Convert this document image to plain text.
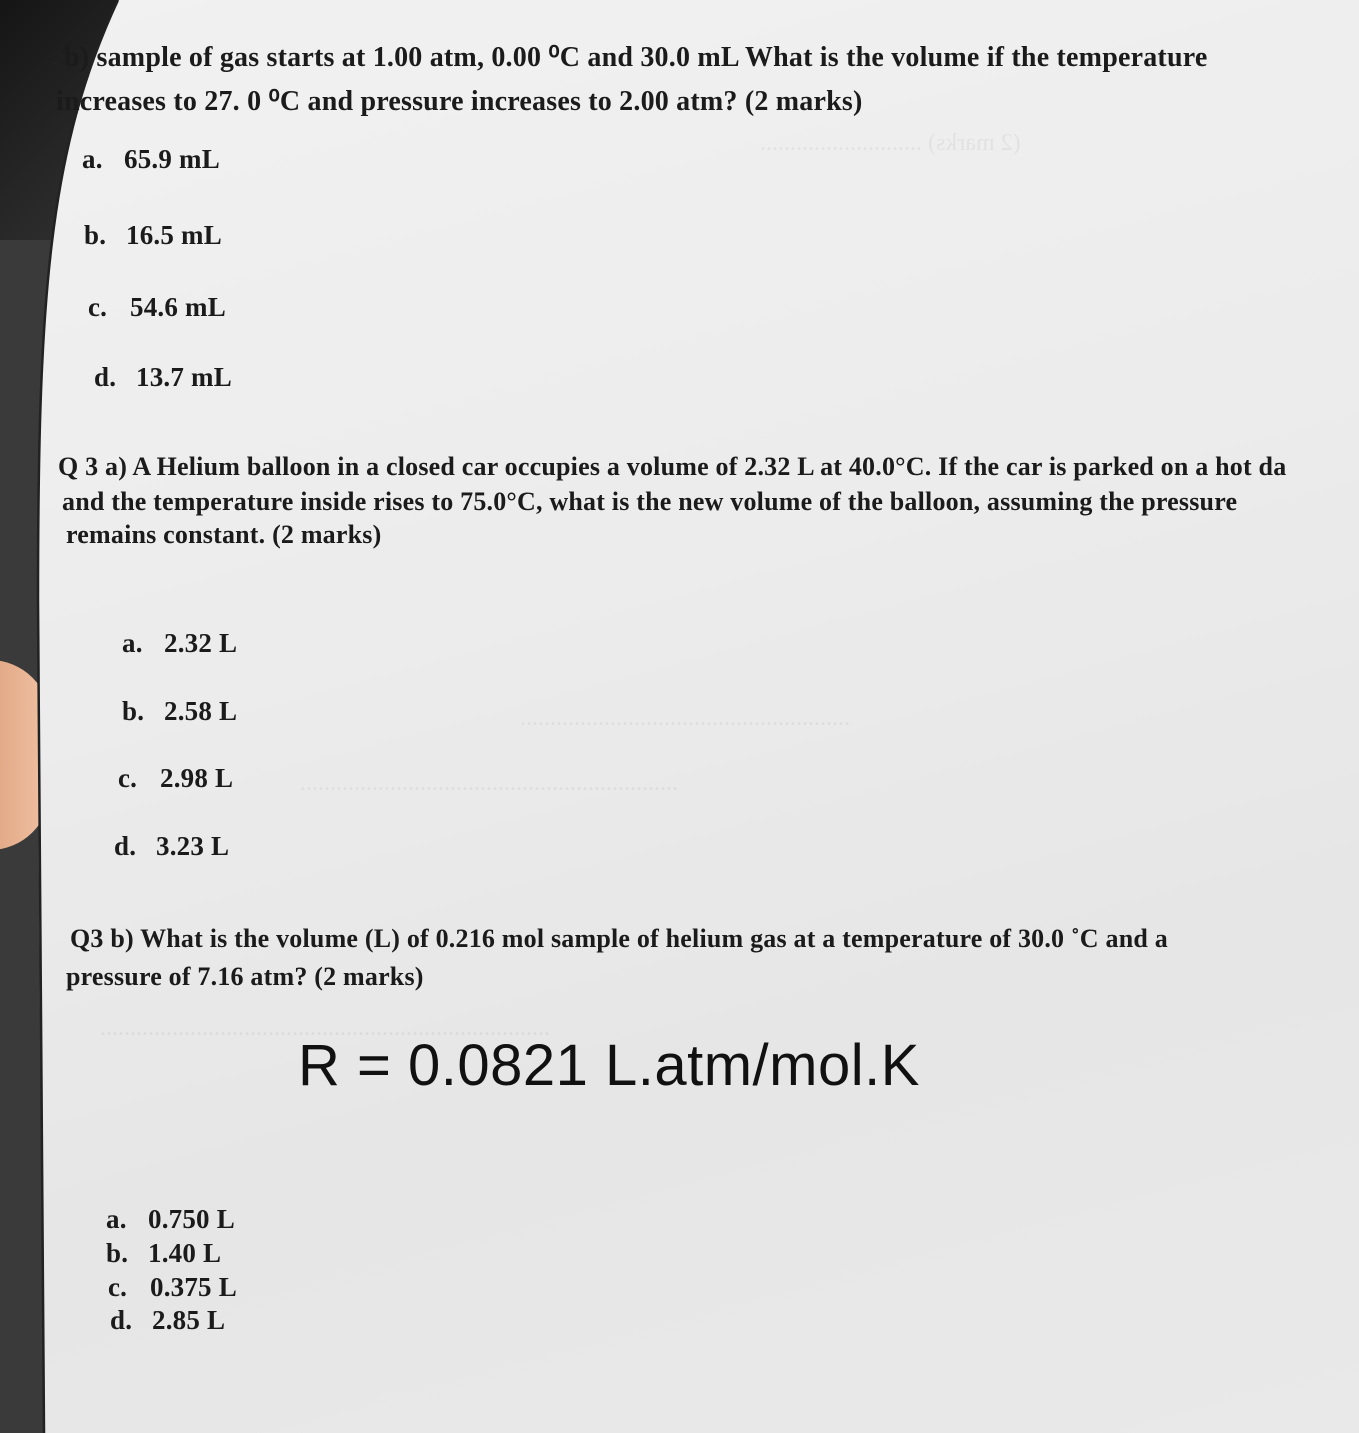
(2 marks) ...........................
.......................................................
...............................................................
...........................................................................
2 b) sample of gas starts at 1.00 atm, 0.00 ⁰C and 30.0 mL What is the volume if the temperature
increases to 27. 0 ⁰C and pressure increases to 2.00 atm? (2 marks)
a. 65.9 mL
b. 16.5 mL
c. 54.6 mL
d. 13.7 mL
Q 3 a) A Helium balloon in a closed car occupies a volume of 2.32 L at 40.0°C. If the car is parked on a hot da
and the temperature inside rises to 75.0°C, what is the new volume of the balloon, assuming the pressure
remains constant. (2 marks)
a. 2.32 L
b. 2.58 L
c. 2.98 L
d. 3.23 L
Q3 b) What is the volume (L) of 0.216 mol sample of helium gas at a temperature of 30.0 ˚C and a
pressure of 7.16 atm? (2 marks)
R = 0.0821 L.atm/mol.K
a. 0.750 L
b. 1.40 L
c. 0.375 L
d. 2.85 L
